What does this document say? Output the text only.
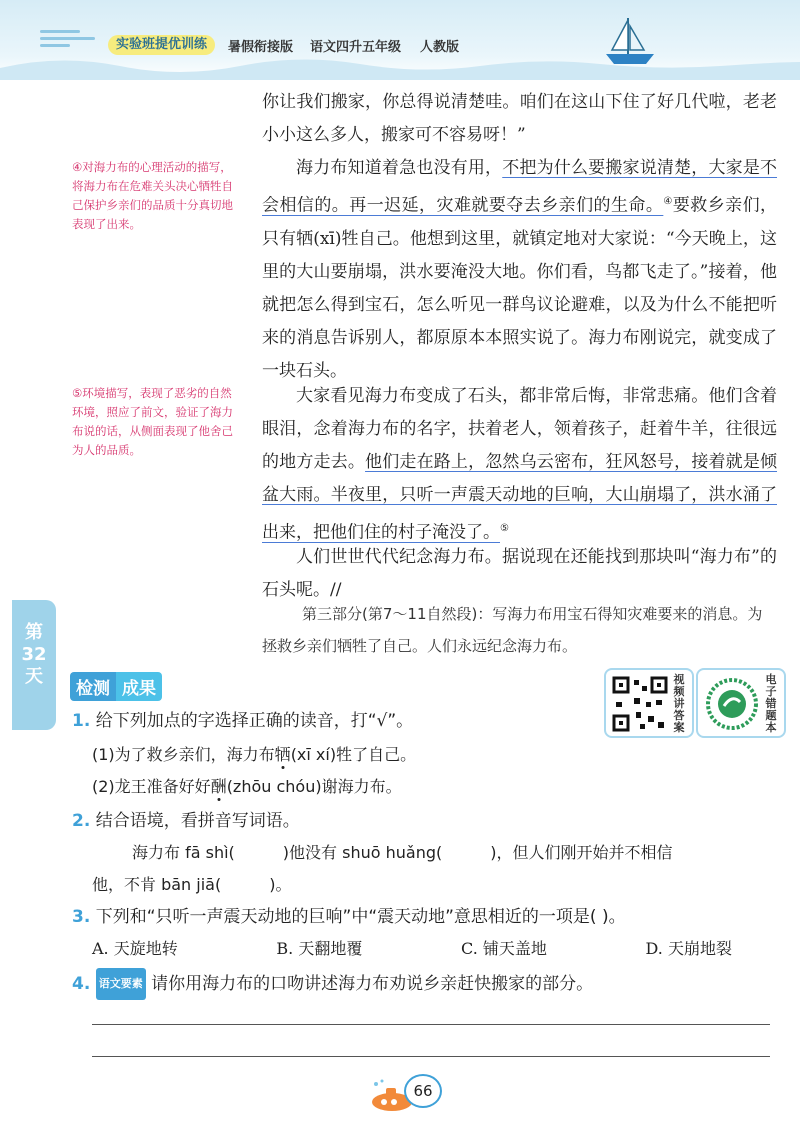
实验班提优训练	暑假衔接版 语文四升五年级 人教版

你让我们搬家，你总得说清楚哇。咱们在这山下住了好几代啦，老老小小这么多人，搬家可不容易呀！”

海力布知道着急也没有用，不把为什么要搬家说清楚，大家是不会相信的。再一迟延，灾难就要夺去乡亲们的生命。④要救乡亲们，只有牺(xī)牲自己。他想到这里，就镇定地对大家说：“今天晚上，这里的大山要崩塌，洪水要淹没大地。你们看，鸟都飞走了。”接着，他就把怎么得到宝石，怎么听见一群鸟议论避难，以及为什么不能把听来的消息告诉别人，都原原本本照实说了。海力布刚说完，就变成了一块石头。

大家看见海力布变成了石头，都非常后悔，非常悲痛。他们含着眼泪，念着海力布的名字，扶着老人，领着孩子，赶着牛羊，往很远的地方走去。他们走在路上，忽然乌云密布，狂风怒号，接着就是倾盆大雨。半夜里，只听一声震天动地的巨响，大山崩塌了，洪水涌了出来，把他们住的村子淹没了。⑤

人们世世代代纪念海力布。据说现在还能找到那块叫“海力布”的石头呢。//

④对海力布的心理活动的描写，将海力布在危难关头决心牺牲自己保护乡亲们的品质十分真切地表现了出来。

⑤环境描写，表现了恶劣的自然环境，照应了前文，验证了海力布说的话，从侧面表现了他舍己为人的品质。

第三部分(第7～11自然段)：写海力布用宝石得知灾难要来的消息。为拯救乡亲们牺牲了自己。人们永远纪念海力布。

第
32
天
检测 成果	视频讲答案
电子错题本

1. 给下列加点的字选择正确的读音，打“√”。

(1)为了救乡亲们，海力布牺(xī xí)牲了自己。

(2)龙王准备好好酬(zhōu chóu)谢海力布。

2. 结合语境，看拼音写词语。

海力布 fā shì(	)他没有 shuō huǎng(	)，但人们刚开始并不相信

他，不肯 bān jiā(	)。

3. 下列和“只听一声震天动地的巨响”中“震天动地”意思相近的一项是( )。

A. 天旋地转	B. 天翻地覆	C. 铺天盖地	D. 天崩地裂

4. 语文要素 请你用海力布的口吻讲述海力布劝说乡亲赶快搬家的部分。

66
